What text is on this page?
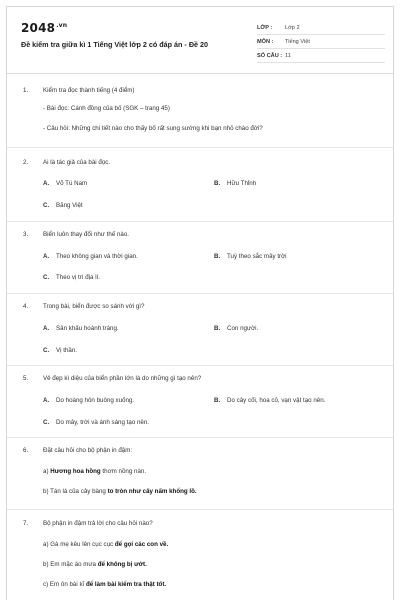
$2048^{.vn}$
Đề kiểm tra giữa kì 1 Tiếng Việt lớp 2 có đáp án - Đề 20
LỚP :	Lớp 2
MÔN :	Tiếng Việt
SỐ CÂU : 11
1. Kiểm tra đọc thành tiếng (4 điểm)
- Bài đọc: Cánh đồng của bố (SGK – trang 45)
- Câu hỏi: Những chi tiết nào cho thấy bố rất sung sướng khi bạn nhỏ chào đời?
2. Ai là tác giả của bài đọc.
A. Võ Tú Nam	B. Hữu Thỉnh
C. Băng Việt
3. Biển luôn thay đổi như thế nào.
A. Theo không gian và thời gian.	B. Tuỳ theo sắc mây trời
C. Theo vị trí địa lí.
4. Trong bài, biển được so sánh với gì?
A. Sân khấu hoành tráng.	B. Con người.
C. Vị thần.
5. Vẻ đẹp kì diệu của biển phần lớn là do những gì tạo nên?
A. Do hoàng hôn buông xuống.	B. Do cây cối, hoa cỏ, vạn vật tạo nên.
C. Do mây, trời và ánh sáng tạo nên.
6. Đặt câu hỏi cho bộ phận in đậm:
a) Hương hoa hồng thơm nồng nàn.
b) Tán lá của cây bàng to tròn như cây nấm khổng lồ.
7. Bộ phận in đậm trả lời cho câu hỏi nào?
a) Gà mẹ kêu lên cục cục để gọi các con về.
b) Em mặc áo mưa để không bị ướt.
c) Em ôn bài kĩ để làm bài kiểm tra thật tốt.
